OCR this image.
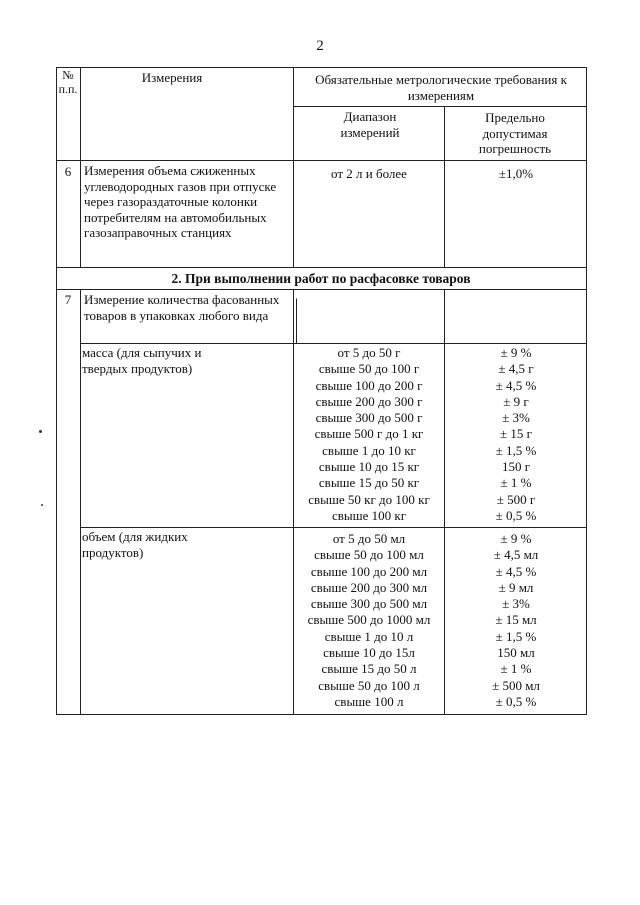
2
№ п.п.
Измерения	Обязательные метрологические требования к измерениям
Диапазон измерений
Предельно допустимая погрешность
6 Измерения объема сжиженных углеводородных газов при отпуске через газораздаточные колонки потребителям на автомобильных газозаправочных станциях
от 2 л и более	±1,0%
2. При выполнении работ по расфасовке товаров
7 Измерение количества фасованных товаров в упаковках любого вида
масса (для сыпучих и твердых продуктов)
от 5 до 50 г
свыше 50 до 100 г
свыше 100 до 200 г
свыше 200 до 300 г
свыше 300 до 500 г
свыше 500 г до 1 кг
свыше 1 до 10 кг
свыше 10 до 15 кг
свыше 15 до 50 кг
свыше 50 кг до 100 кг
свыше 100 кг
± 9 %
± 4,5 г
± 4,5 %
± 9 г
± 3%
± 15 г
± 1,5 %
150 г
± 1 %
± 500 г
± 0,5 %
объем (для жидких продуктов)
от 5 до 50 мл
свыше 50 до 100 мл
свыше 100 до 200 мл
свыше 200 до 300 мл
свыше 300 до 500 мл
свыше 500 до 1000 мл
свыше 1 до 10 л
свыше 10 до 15л
свыше 15 до 50 л
свыше 50 до 100 л
свыше 100 л
± 9 %
± 4,5 мл
± 4,5 %
± 9 мл
± 3%
± 15 мл
± 1,5 %
150 мл
± 1 %
± 500 мл
± 0,5 %
